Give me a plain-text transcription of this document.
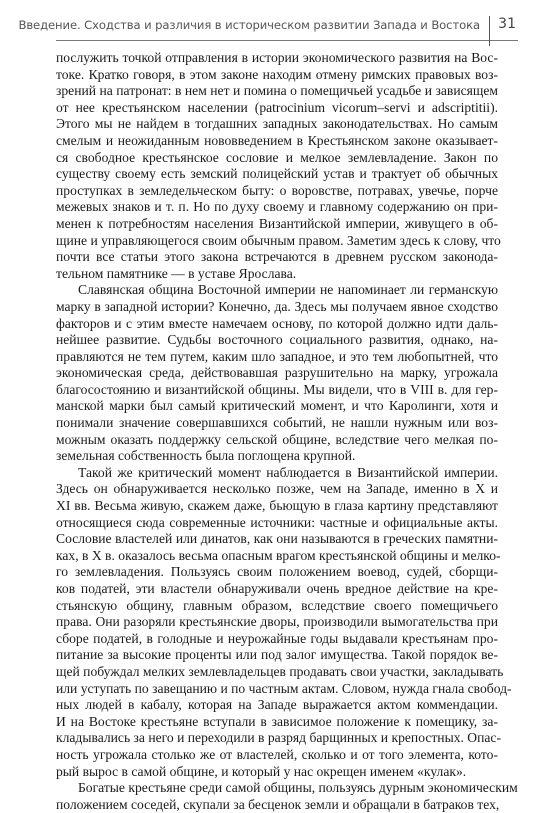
Введение. Сходства и различия в историческом развитии Запада и Востока 31
послужить точкой отправления в истории экономического развития на Вос-
токе. Кратко говоря, в этом законе находим отмену римских правовых воз-
зрений на патронат: в нем нет и помина о помещичьей усадьбе и зависящем
от нее крестьянском населении (patrocinium vicorum–servi и adscriptitii).
Этого мы не найдем в тогдашних западных законодательствах. Но самым
смелым и неожиданным нововведением в Крестьянском законе оказывает-
ся свободное крестьянское сословие и мелкое землевладение. Закон по
существу своему есть земский полицейский устав и трактует об обычных
проступках в земледельческом быту: о воровстве, потравах, увечье, порче
межевых знаков и т. п. Но по духу своему и главному содержанию он при-
менен к потребностям населения Византийской империи, живущего в об-
щине и управляющегося своим обычным правом. Заметим здесь к слову, что
почти все статьи этого закона встречаются в древнем русском законода-
тельном памятнике — в уставе Ярослава.
Славянская община Восточной империи не напоминает ли германскую
марку в западной истории? Конечно, да. Здесь мы получаем явное сходство
факторов и с этим вместе намечаем основу, по которой должно идти даль-
нейшее развитие. Судьбы восточного социального развития, однако, на-
правляются не тем путем, каким шло западное, и это тем любопытней, что
экономическая среда, действовавшая разрушительно на марку, угрожала
благосостоянию и византийской общины. Мы видели, что в VIII в. для гер-
манской марки был самый критический момент, и что Каролинги, хотя и
понимали значение совершавшихся событий, не нашли нужным или воз-
можным оказать поддержку сельской общине, вследствие чего мелкая по-
земельная собственность была поглощена крупной.
Такой же критический момент наблюдается в Византийской империи.
Здесь он обнаруживается несколько позже, чем на Западе, именно в X и
XI вв. Весьма живую, скажем даже, бьющую в глаза картину представляют
относящиеся сюда современные источники: частные и официальные акты.
Сословие властелей или динатов, как они называются в греческих памятни-
ках, в X в. оказалось весьма опасным врагом крестьянской общины и мелко-
го землевладения. Пользуясь своим положением воевод, судей, сборщи-
ков податей, эти властели обнаруживали очень вредное действие на кре-
стьянскую общину, главным образом, вследствие своего помещичьего
права. Они разоряли крестьянские дворы, производили вымогательства при
сборе податей, в голодные и неурожайные годы выдавали крестьянам про-
питание за высокие проценты или под залог имущества. Такой порядок ве-
щей побуждал мелких землевладельцев продавать свои участки, закладывать
или уступать по завещанию и по частным актам. Словом, нужда гнала свобод-
ных людей в кабалу, которая на Западе выражается актом коммендации.
И на Востоке крестьяне вступали в зависимое положение к помещику, за-
кладывались за него и переходили в разряд барщинных и крепостных. Опас-
ность угрожала столько же от властелей, сколько и от того элемента, кото-
рый вырос в самой общине, и который у нас окрещен именем «кулак».
Богатые крестьяне среди самой общины, пользуясь дурным экономическим
положением соседей, скупали за бесценок земли и обращали в батраков тех,
